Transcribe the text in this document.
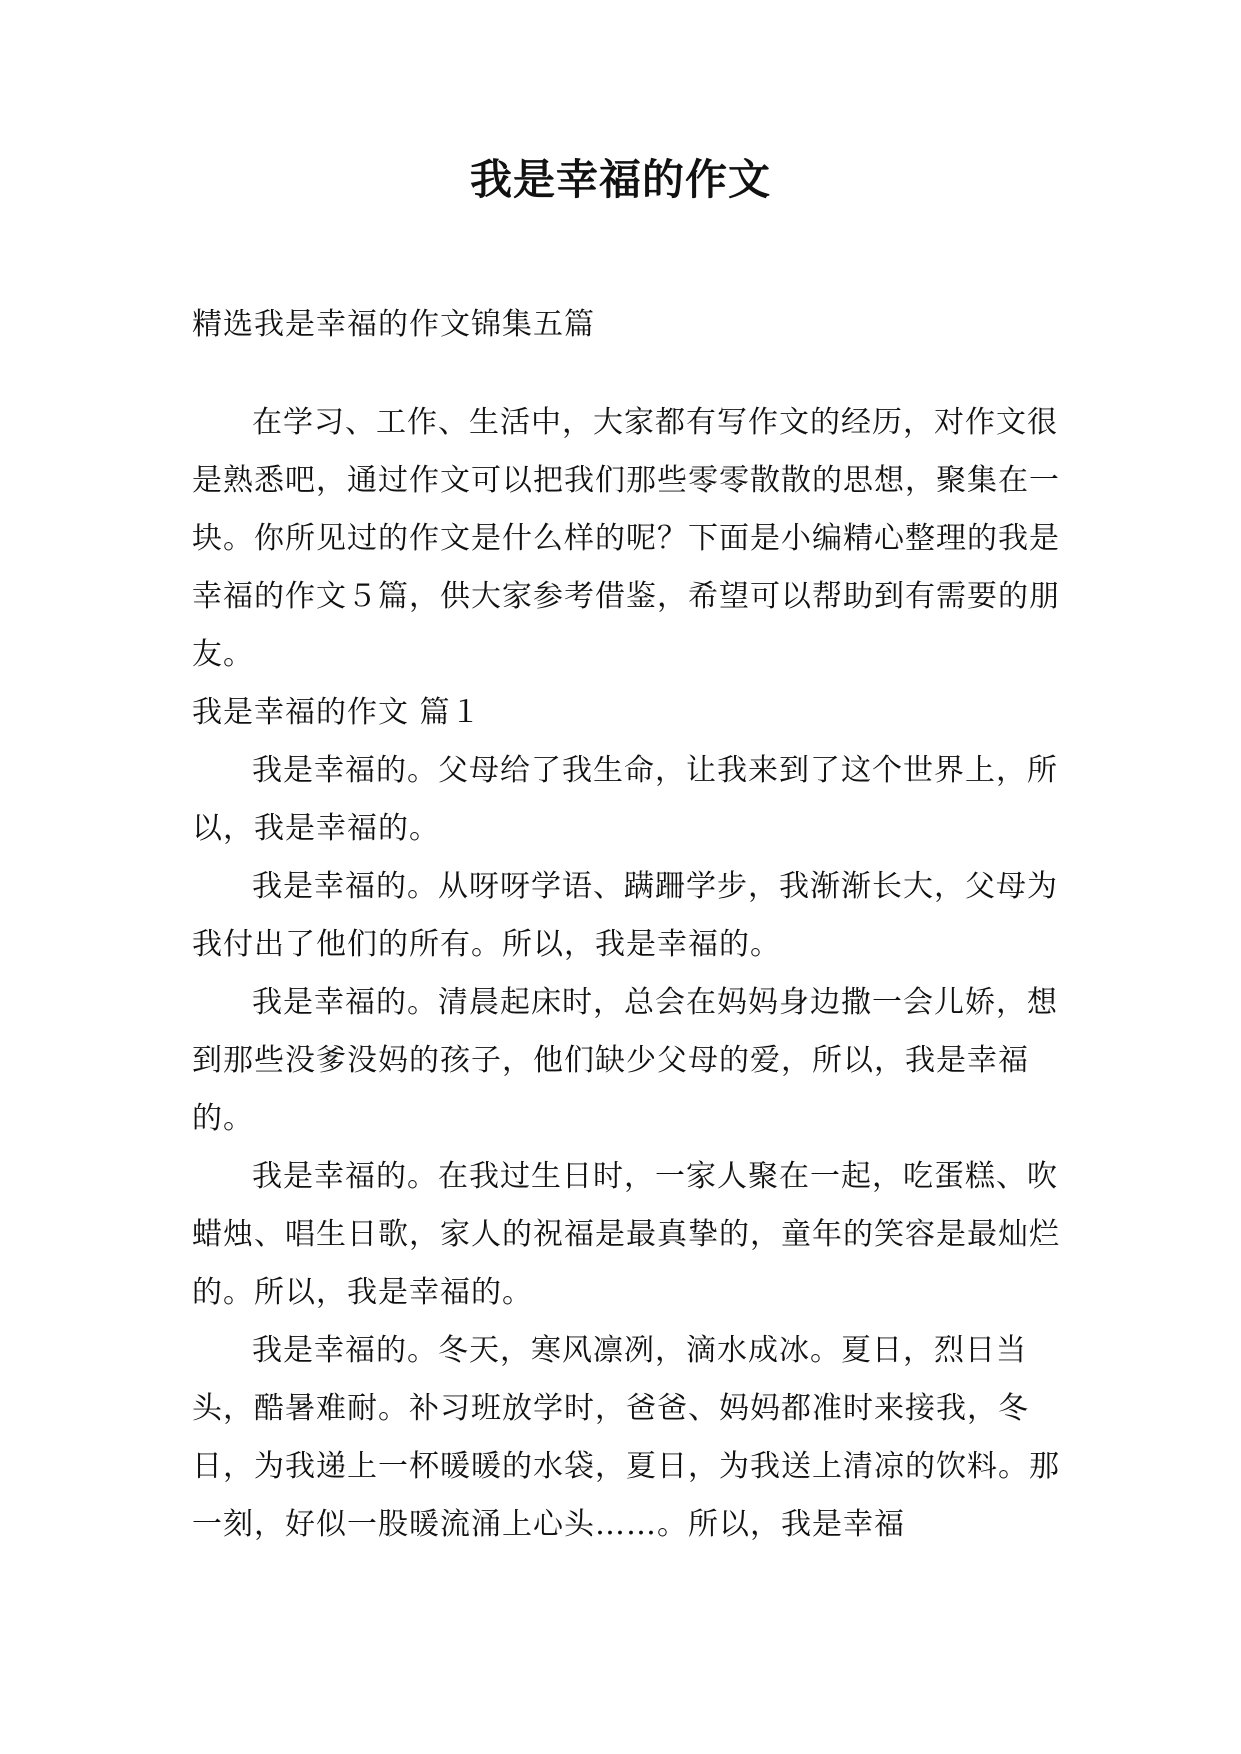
我是幸福的作文

精选我是幸福的作文锦集五篇

在学习、工作、生活中，大家都有写作文的经历，对作文很是熟悉吧，通过作文可以把我们那些零零散散的思想，聚集在一块。你所见过的作文是什么样的呢？下面是小编精心整理的我是幸福的作文５篇，供大家参考借鉴，希望可以帮助到有需要的朋友。

我是幸福的作文 篇１

我是幸福的。父母给了我生命，让我来到了这个世界上，所以，我是幸福的。

我是幸福的。从呀呀学语、蹒跚学步，我渐渐长大，父母为我付出了他们的所有。所以，我是幸福的。

我是幸福的。清晨起床时，总会在妈妈身边撒一会儿娇，想到那些没爹没妈的孩子，他们缺少父母的爱，所以，我是幸福的。

我是幸福的。在我过生日时，一家人聚在一起，吃蛋糕、吹蜡烛、唱生日歌，家人的祝福是最真挚的，童年的笑容是最灿烂的。所以，我是幸福的。

我是幸福的。冬天，寒风凛冽，滴水成冰。夏日，烈日当头，酷暑难耐。补习班放学时，爸爸、妈妈都准时来接我，冬日，为我递上一杯暖暖的水袋，夏日，为我送上清凉的饮料。那一刻，好似一股暖流涌上心头……。所以，我是幸福
